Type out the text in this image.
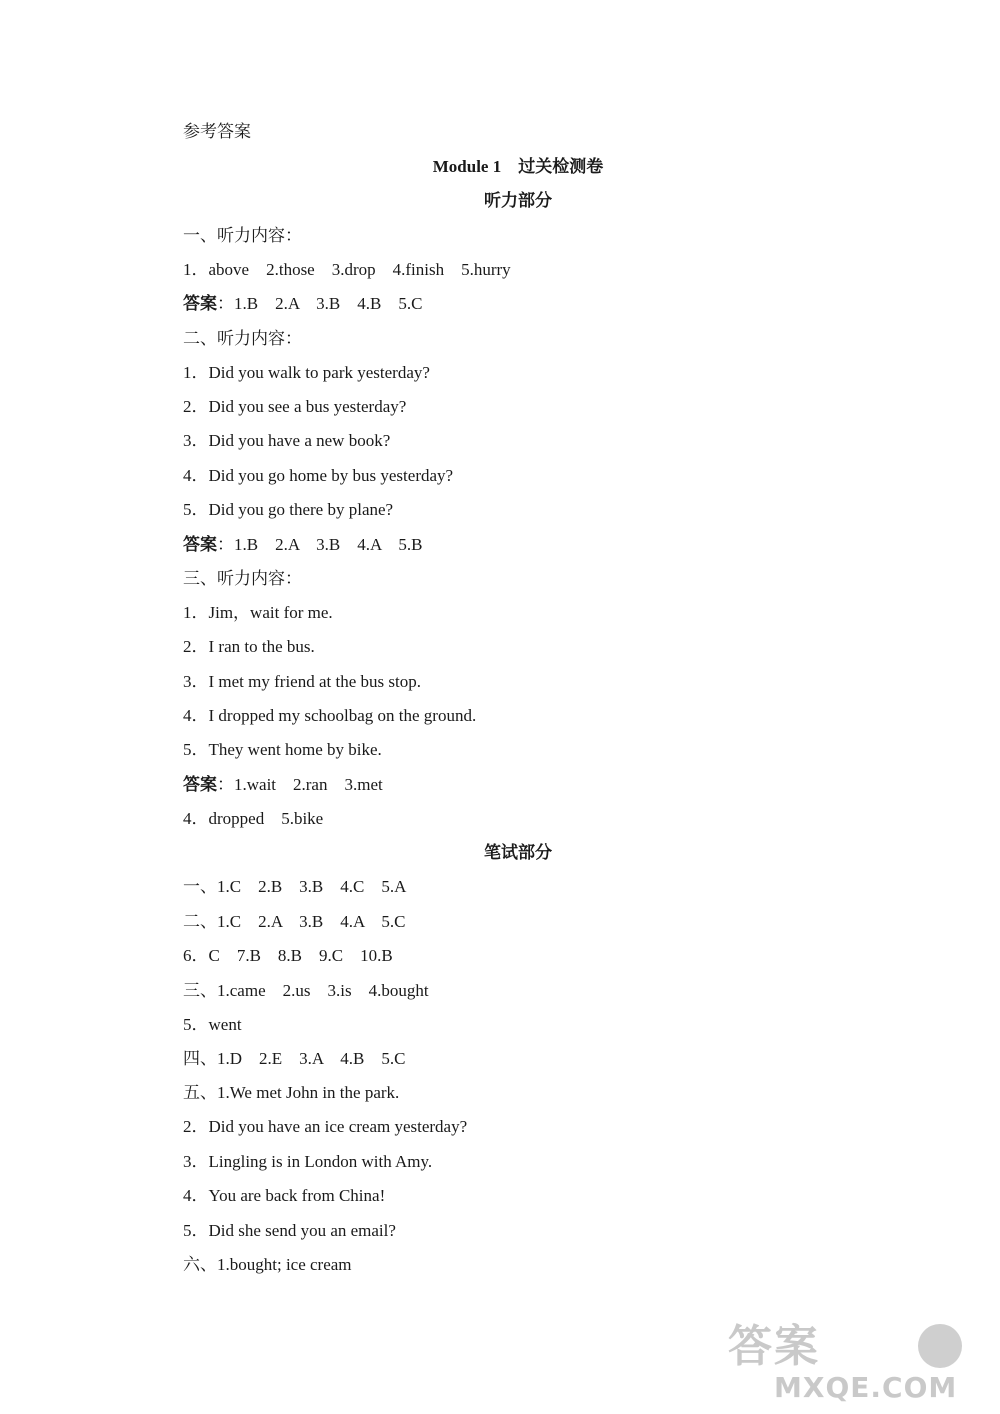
参考答案
Module 1　过关检测卷
听力部分
一、听力内容：
1．above　2.those　3.drop　4.finish　5.hurry
答案：1.B　2.A　3.B　4.B　5.C
二、听力内容：
1．Did you walk to park yesterday?
2．Did you see a bus yesterday?
3．Did you have a new book?
4．Did you go home by bus yesterday?
5．Did you go there by plane?
答案：1.B　2.A　3.B　4.A　5.B
三、听力内容：
1．Jim，wait for me.
2．I ran to the bus.
3．I met my friend at the bus stop.
4．I dropped my schoolbag on the ground.
5．They went home by bike.
答案：1.wait　2.ran　3.met
4．dropped　5.bike
笔试部分
一、1.C　2.B　3.B　4.C　5.A
二、1.C　2.A　3.B　4.A　5.C
6．C　7.B　8.B　9.C　10.B
三、1.came　2.us　3.is　4.bought
5．went
四、1.D　2.E　3.A　4.B　5.C
五、1.We met John in the park.
2．Did you have an ice cream yesterday?
3．Lingling is in London with Amy.
4．You are back from China!
5．Did she send you an email?
六、1.bought; ice cream
答案
MXQE.COM
